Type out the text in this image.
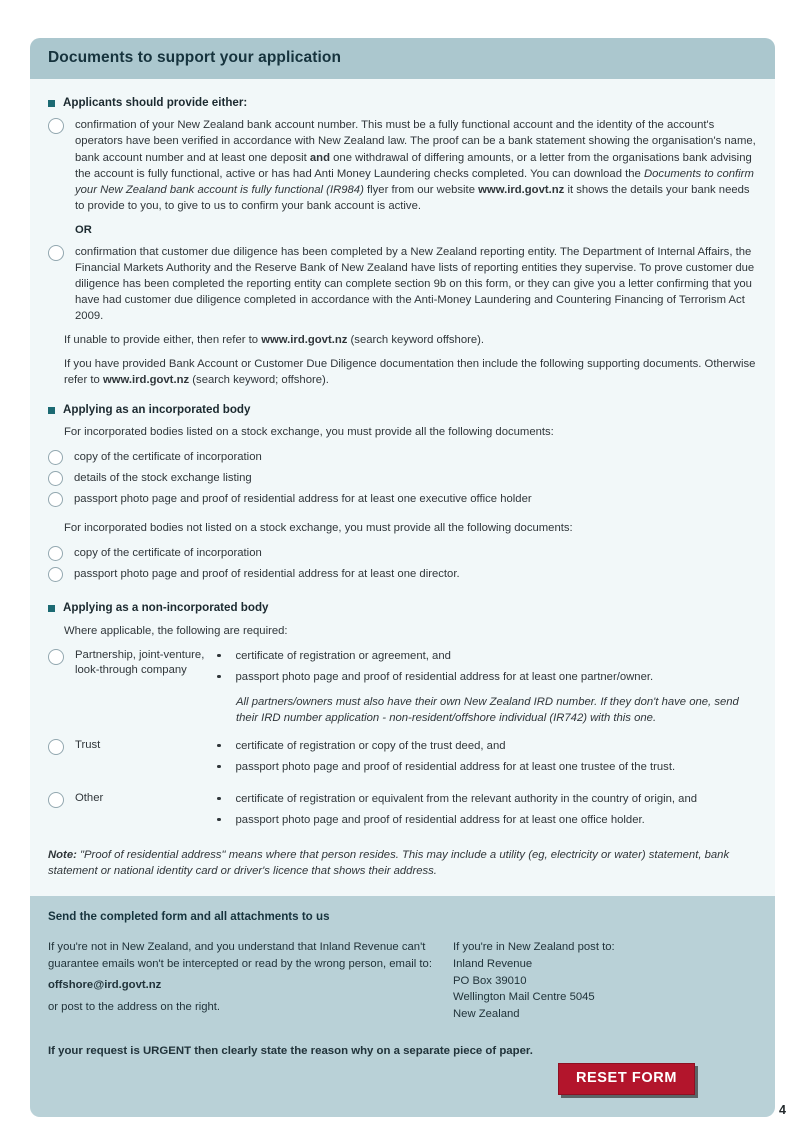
Documents to support your application
Applicants should provide either:
confirmation of your New Zealand bank account number. This must be a fully functional account and the identity of the account's operators have been verified in accordance with New Zealand law. The proof can be a bank statement showing the organisation's name, bank account number and at least one deposit and one withdrawal of differing amounts, or a letter from the organisations bank advising the account is fully functional, active or has had Anti Money Laundering checks completed. You can download the Documents to confirm your New Zealand bank account is fully functional (IR984) flyer from our website www.ird.govt.nz it shows the details your bank needs to provide to you, to give to us to confirm your bank account is active.
OR
confirmation that customer due diligence has been completed by a New Zealand reporting entity. The Department of Internal Affairs, the Financial Markets Authority and the Reserve Bank of New Zealand have lists of reporting entities they supervise. To prove customer due diligence has been completed the reporting entity can complete section 9b on this form, or they can give you a letter confirming that you have had customer due diligence completed in accordance with the Anti-Money Laundering and Countering Financing of Terrorism Act 2009.
If unable to provide either, then refer to www.ird.govt.nz (search keyword offshore).
If you have provided Bank Account or Customer Due Diligence documentation then include the following supporting documents. Otherwise refer to www.ird.govt.nz (search keyword; offshore).
Applying as an incorporated body
For incorporated bodies listed on a stock exchange, you must provide all the following documents:
copy of the certificate of incorporation
details of the stock exchange listing
passport photo page and proof of residential address for at least one executive office holder
For incorporated bodies not listed on a stock exchange, you must provide all the following documents:
copy of the certificate of incorporation
passport photo page and proof of residential address for at least one director.
Applying as a non-incorporated body
Where applicable, the following are required:
Partnership, joint-venture, look-through company
certificate of registration or agreement, and
passport photo page and proof of residential address for at least one partner/owner.
All partners/owners must also have their own New Zealand IRD number. If they don't have one, send their IRD number application - non-resident/offshore individual (IR742) with this one.
Trust	certificate of registration or copy of the trust deed, and
passport photo page and proof of residential address for at least one trustee of the trust.
Other	certificate of registration or equivalent from the relevant authority in the country of origin, and
passport photo page and proof of residential address for at least one office holder.
Note: "Proof of residential address" means where that person resides. This may include a utility (eg, electricity or water) statement, bank statement or national identity card or driver's licence that shows their address.
Send the completed form and all attachments to us

If you're not in New Zealand, and you understand that Inland Revenue can't guarantee emails won't be intercepted or read by the wrong person, email to:

offshore@ird.govt.nz

or post to the address on the right.

If you're in New Zealand post to:

Inland Revenue

PO Box 39010

Wellington Mail Centre 5045

New Zealand

If your request is URGENT then clearly state the reason why on a separate piece of paper.
RESET FORM
4
